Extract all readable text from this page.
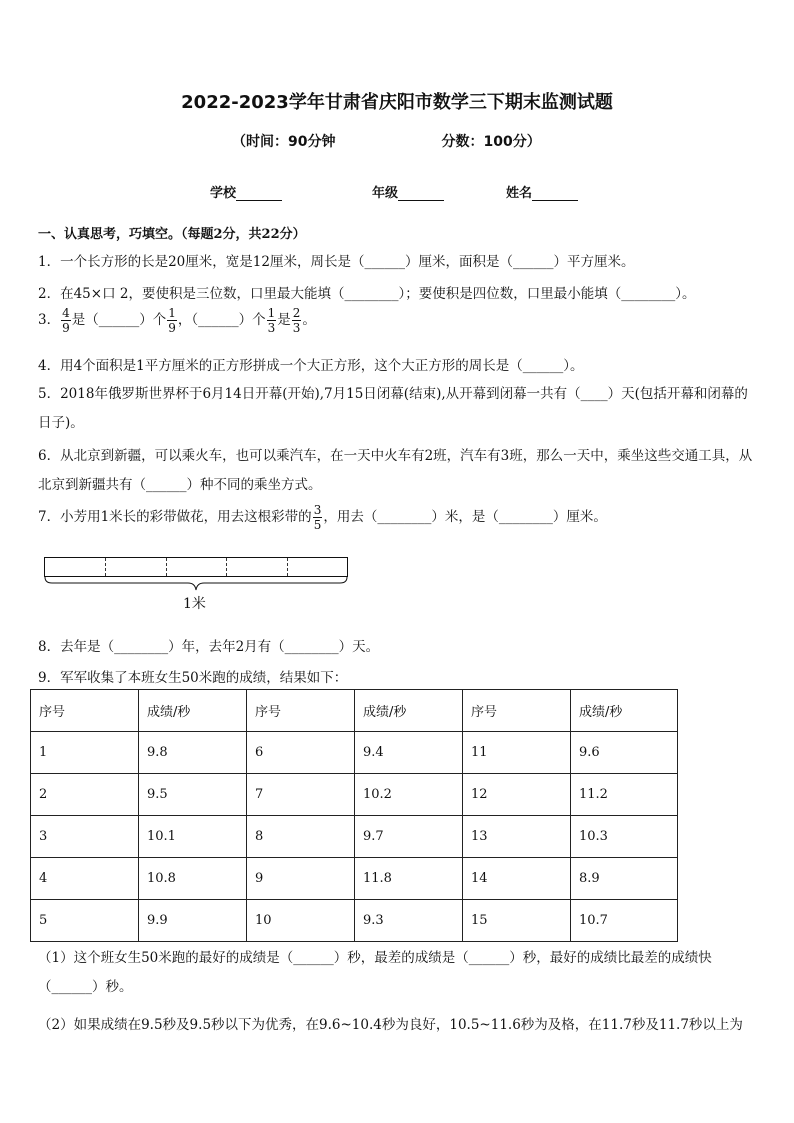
2022-2023学年甘肃省庆阳市数学三下期末监测试题
（时间：90分钟	分数：100分）
学校	年级	姓名
一、认真思考，巧填空。（每题2分，共22分）
1．一个长方形的长是20厘米，宽是12厘米，周长是（______）厘米，面积是（______）平方厘米。
2．在45×口 2，要使积是三位数，口里最大能填（________）；要使积是四位数，口里最小能填（________）。
3． $\frac{4}{9}$ 是（______）个 $\frac{1}{9}$ ，（______）个 $\frac{1}{3}$ 是 $\frac{2}{3}$ 。
4．用4个面积是1平方厘米的正方形拼成一个大正方形，这个大正方形的周长是（______）。
5．2018年俄罗斯世界杯于6月14日开幕(开始),7月15日闭幕(结束),从开幕到闭幕一共有（____）天(包括开幕和闭幕的日子)。
6．从北京到新疆，可以乘火车，也可以乘汽车，在一天中火车有2班，汽车有3班，那么一天中，乘坐这些交通工具，从北京到新疆共有（______）种不同的乘坐方式。
7．小芳用1米长的彩带做花，用去这根彩带的 $\frac{3}{5}$ ，用去（________）米，是（________）厘米。
1米
8．去年是（________）年，去年2月有（________）天。
9．军军收集了本班女生50米跑的成绩，结果如下：
序号	成绩/秒	序号	成绩/秒	序号	成绩/秒
1	9.8	6	9.4	11	9.6
2	9.5	7	10.2	12	11.2
3	10.1	8	9.7	13	10.3
4	10.8	9	11.8	14	8.9
5	9.9	10	9.3	15	10.7
（1）这个班女生50米跑的最好的成绩是（______）秒，最差的成绩是（______）秒，最好的成绩比最差的成绩快（______）秒。
（2）如果成绩在9.5秒及9.5秒以下为优秀，在9.6~10.4秒为良好，10.5~11.6秒为及格，在11.7秒及11.7秒以上为
